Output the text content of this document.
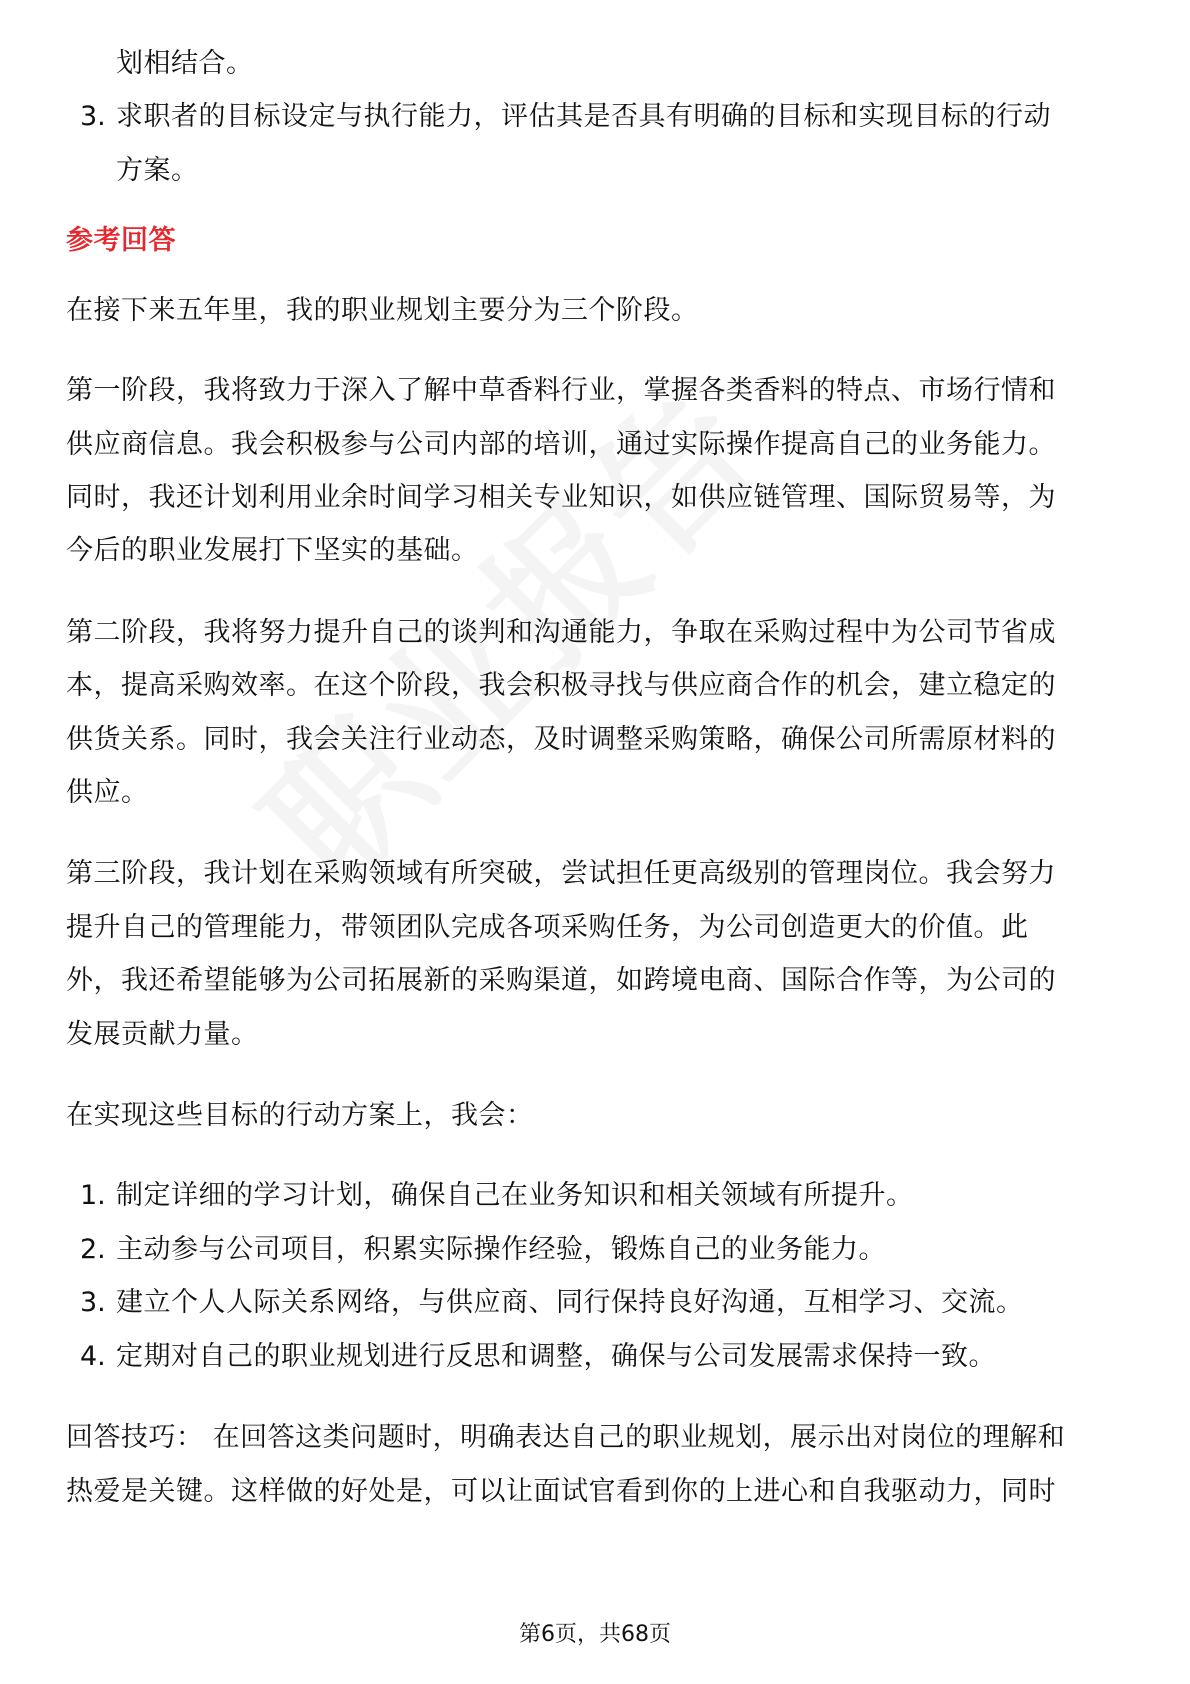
划相结合。
3. 求职者的目标设定与执行能力，评估其是否具有明确的目标和实现目标的行动
方案。
参考回答
在接下来五年里，我的职业规划主要分为三个阶段。
第一阶段，我将致力于深入了解中草香料行业，掌握各类香料的特点、市场行情和
供应商信息。我会积极参与公司内部的培训，通过实际操作提高自己的业务能力。
同时，我还计划利用业余时间学习相关专业知识，如供应链管理、国际贸易等，为
今后的职业发展打下坚实的基础。
第二阶段，我将努力提升自己的谈判和沟通能力，争取在采购过程中为公司节省成
本，提高采购效率。在这个阶段，我会积极寻找与供应商合作的机会，建立稳定的
供货关系。同时，我会关注行业动态，及时调整采购策略，确保公司所需原材料的
供应。
第三阶段，我计划在采购领域有所突破，尝试担任更高级别的管理岗位。我会努力
提升自己的管理能力，带领团队完成各项采购任务，为公司创造更大的价值。此
外，我还希望能够为公司拓展新的采购渠道，如跨境电商、国际合作等，为公司的
发展贡献力量。
在实现这些目标的行动方案上，我会：
1. 制定详细的学习计划，确保自己在业务知识和相关领域有所提升。
2. 主动参与公司项目，积累实际操作经验，锻炼自己的业务能力。
3. 建立个人人际关系网络，与供应商、同行保持良好沟通，互相学习、交流。
4. 定期对自己的职业规划进行反思和调整，确保与公司发展需求保持一致。
回答技巧： 在回答这类问题时，明确表达自己的职业规划，展示出对岗位的理解和
热爱是关键。这样做的好处是，可以让面试官看到你的上进心和自我驱动力，同时
第6页，共68页
